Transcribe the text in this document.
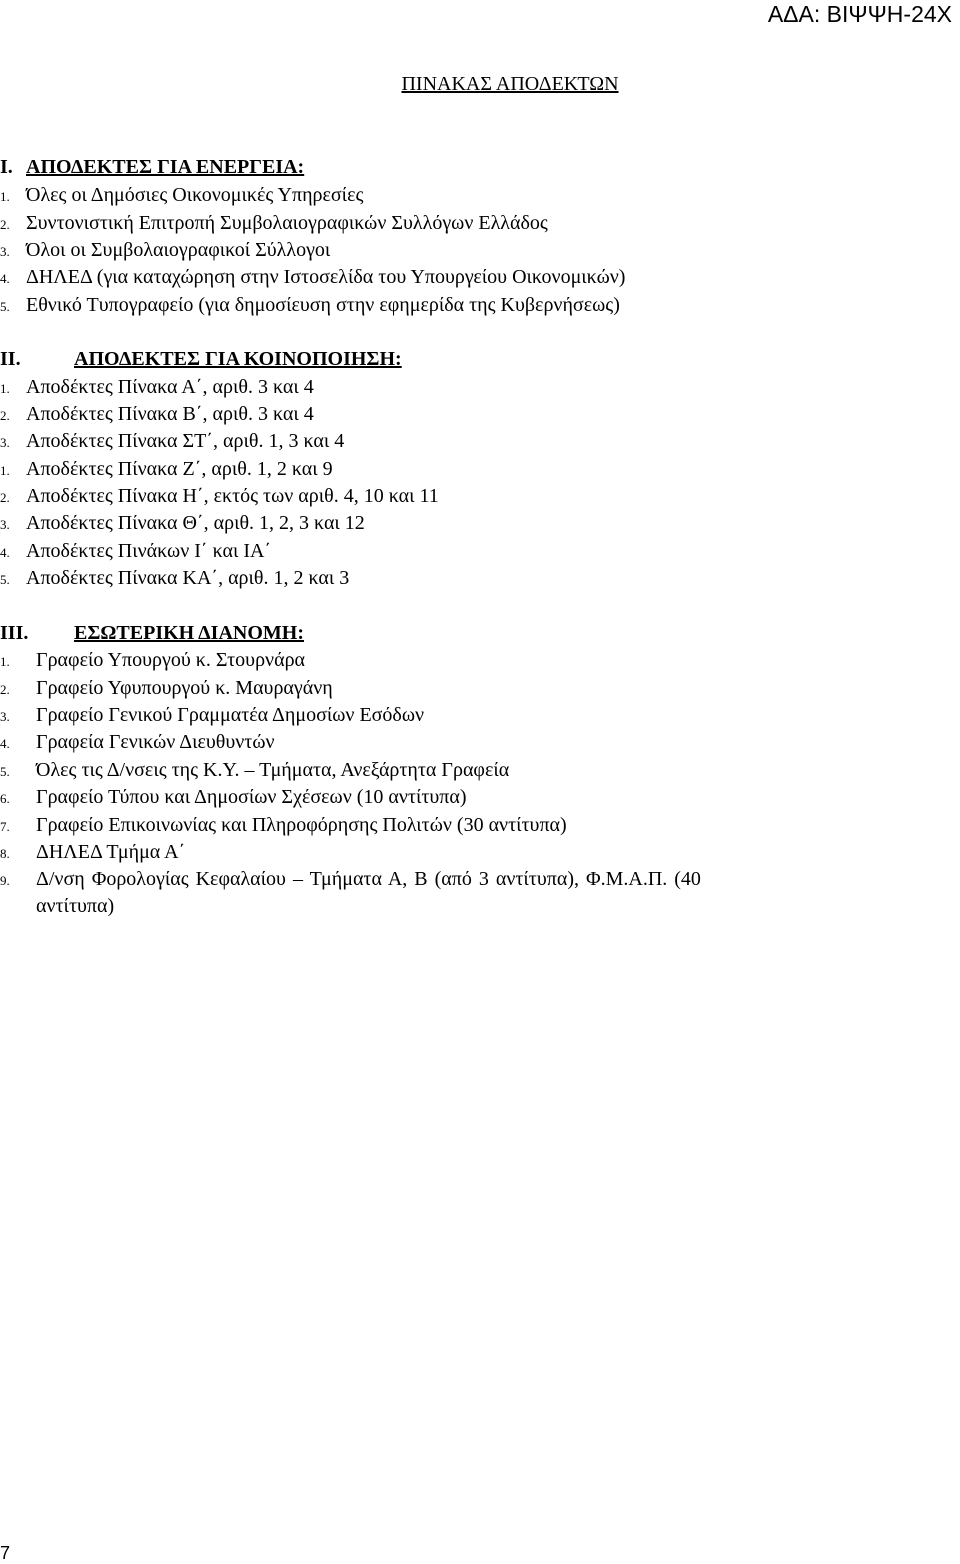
ΑΔΑ: ΒΙΨΨΗ-24Χ
ΠΙΝΑΚΑΣ ΑΠΟΔΕΚΤΩΝ
I. ΑΠΟΔΕΚΤΕΣ ΓΙΑ ΕΝΕΡΓΕΙΑ:
1. Όλες οι Δημόσιες Οικονομικές Υπηρεσίες
2. Συντονιστική Επιτροπή Συμβολαιογραφικών Συλλόγων Ελλάδος
3. Όλοι οι Συμβολαιογραφικοί Σύλλογοι
4. ΔΗΛΕΔ (για καταχώρηση στην Ιστοσελίδα του Υπουργείου Οικονομικών)
5. Εθνικό Τυπογραφείο (για δημοσίευση στην εφημερίδα της Κυβερνήσεως)
II.	ΑΠΟΔΕΚΤΕΣ ΓΙΑ ΚΟΙΝΟΠΟΙΗΣΗ:
1. Αποδέκτες Πίνακα Α΄, αριθ. 3 και 4
2. Αποδέκτες Πίνακα Β΄, αριθ. 3 και 4
3. Αποδέκτες Πίνακα ΣΤ΄, αριθ. 1, 3 και 4
1. Αποδέκτες Πίνακα Ζ΄, αριθ. 1, 2 και 9
2. Αποδέκτες Πίνακα Η΄, εκτός των αριθ. 4, 10 και 11
3. Αποδέκτες Πίνακα Θ΄, αριθ. 1, 2, 3 και 12
4. Αποδέκτες Πινάκων Ι΄ και ΙΑ΄
5. Αποδέκτες Πίνακα ΚΑ΄, αριθ. 1, 2 και 3
III. ΕΣΩΤΕΡΙΚΗ ΔΙΑΝΟΜΗ:
1. Γραφείο Υπουργού κ. Στουρνάρα
2. Γραφείο Υφυπουργού κ. Μαυραγάνη
3. Γραφείο Γενικού Γραμματέα Δημοσίων Εσόδων
4. Γραφεία Γενικών Διευθυντών
5. Όλες τις Δ/νσεις της Κ.Υ. – Τμήματα, Ανεξάρτητα Γραφεία
6. Γραφείο Τύπου και Δημοσίων Σχέσεων (10 αντίτυπα)
7. Γραφείο Επικοινωνίας και Πληροφόρησης Πολιτών (30 αντίτυπα)
8. ΔΗΛΕΔ Τμήμα Α΄
9. Δ/νση Φορολογίας Κεφαλαίου – Τμήματα Α, Β (από 3 αντίτυπα), Φ.Μ.Α.Π. (40
αντίτυπα)
7
